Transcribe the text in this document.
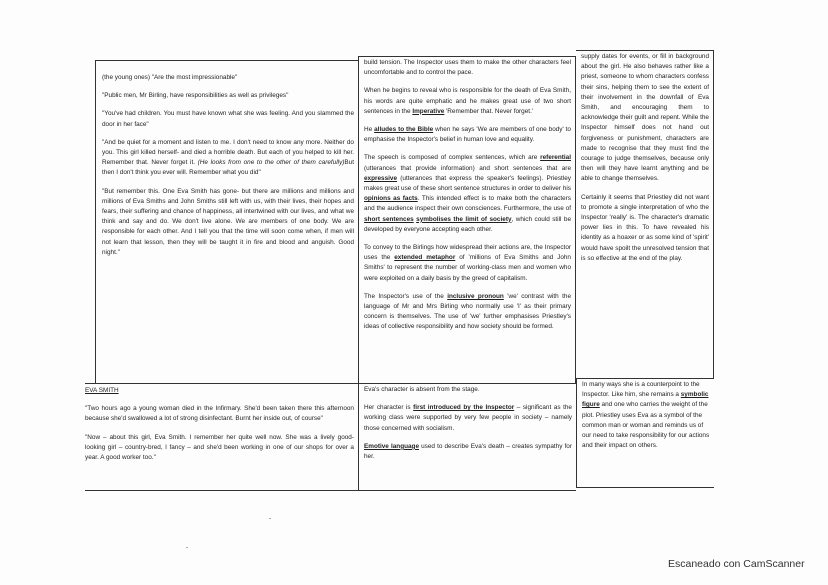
(the young ones) "Are the most impressionable"

"Public men, Mr Birling, have responsibilities as well as privileges"

"You've had children. You must have known what she was feeling. And you slammed the door in her face"

"And be quiet for a moment and listen to me. I don't need to know any more. Neither do you. This girl killed herself- and died a horrible death. But each of you helped to kill her. Remember that. Never forget it. (He looks from one to the other of them carefully)But then I don't think you ever will. Remember what you did"

"But remember this. One Eva Smith has gone- but there are millions and millions and millions of Eva Smiths and John Smiths still left with us, with their lives, their hopes and fears, their suffering and chance of happiness, all intertwined with our lives, and what we think and say and do. We don't live alone. We are members of one body. We are responsible for each other. And I tell you that the time will soon come when, if men will not learn that lesson, then they will be taught it in fire and blood and anguish. Good night."

build tension. The Inspector uses them to make the other characters feel uncomfortable and to control the pace.

When he begins to reveal who is responsible for the death of Eva Smith, his words are quite emphatic and he makes great use of two short sentences in the Imperative 'Remember that. Never forget.'

He alludes to the Bible when he says 'We are members of one body' to emphasise the Inspector's belief in human love and equality.

The speech is composed of complex sentences, which are referential (utterances that provide information) and short sentences that are expressive (utterances that express the speaker's feelings). Priestley makes great use of these short sentence structures in order to deliver his opinions as facts. This intended effect is to make both the characters and the audience inspect their own consciences. Furthermore, the use of short sentences symbolises the limit of society, which could still be developed by everyone accepting each other.

To convey to the Birlings how widespread their actions are, the Inspector uses the extended metaphor of 'millions of Eva Smiths and John Smiths' to represent the number of working-class men and women who were exploited on a daily basis by the greed of capitalism.

The Inspector's use of the inclusive pronoun 'we' contrast with the language of Mr and Mrs Birling who normally use 'I' as their primary concern is themselves. The use of 'we' further emphasises Priestley's ideas of collective responsibility and how society should be formed.

supply dates for events, or fill in background about the girl. He also behaves rather like a priest, someone to whom characters confess their sins, helping them to see the extent of their involvement in the downfall of Eva Smith, and encouraging them to acknowledge their guilt and repent. While the Inspector himself does not hand out forgiveness or punishment, characters are made to recognise that they must find the courage to judge themselves, because only then will they have learnt anything and be able to change themselves.

Certainly it seems that Priestley did not want to promote a single interpretation of who the Inspector 'really' is. The character's dramatic power lies in this. To have revealed his identity as a hoaxer or as some kind of 'spirit' would have spoilt the unresolved tension that is so effective at the end of the play.

EVA SMITH

"Two hours ago a young woman died in the Infirmary. She'd been taken there this afternoon because she'd swallowed a lot of strong disinfectant. Burnt her inside out, of course"

"Now – about this girl, Eva Smith. I remember her quite well now. She was a lively good-looking girl – country-bred, I fancy – and she'd been working in one of our shops for over a year. A good worker too."

Eva's character is absent from the stage.

Her character is first introduced by the Inspector – significant as the working class were supported by very few people in society – namely those concerned with socialism.

Emotive language used to describe Eva's death – creates sympathy for her.

In many ways she is a counterpoint to the Inspector. Like him, she remains a symbolic figure and one who carries the weight of the plot. Priestley uses Eva as a symbol of the common man or woman and reminds us of our need to take responsibility for our actions and their impact on others.

Escaneado con CamScanner
